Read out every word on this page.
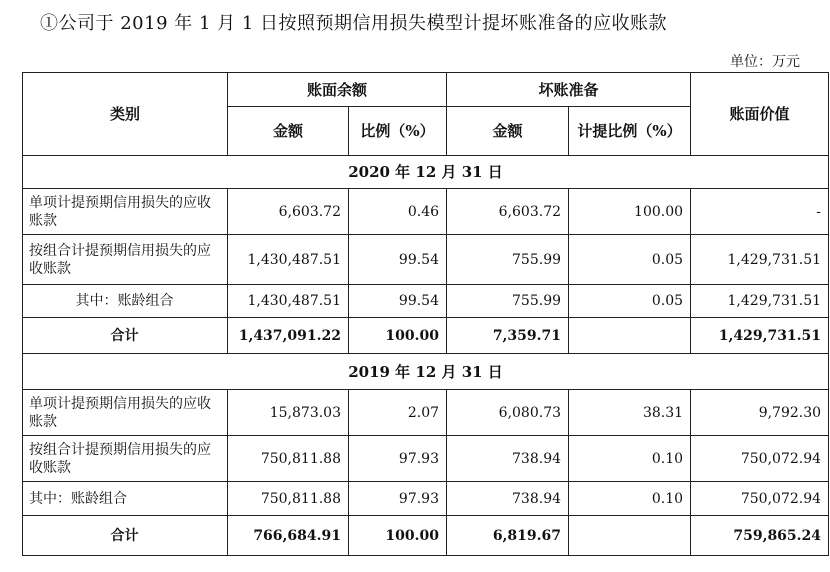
①公司于 2019 年 1 月 1 日按照预期信用损失模型计提坏账准备的应收账款
单位：万元
类别	账面余额		坏账准备		账面价值
	金额	比例（%）	金额	计提比例（%）	
2020 年 12 月 31 日					
单项计提预期信用损失的应收账款	6,603.72	0.46	6,603.72	100.00	-
按组合计提预期信用损失的应收账款	1,430,487.51	99.54	755.99	0.05	1,429,731.51
其中：账龄组合	1,430,487.51	99.54	755.99	0.05	1,429,731.51
合计	1,437,091.22	100.00	7,359.71		1,429,731.51
2019 年 12 月 31 日					
单项计提预期信用损失的应收账款	15,873.03	2.07	6,080.73	38.31	9,792.30
按组合计提预期信用损失的应收账款	750,811.88	97.93	738.94	0.10	750,072.94
其中：账龄组合	750,811.88	97.93	738.94	0.10	750,072.94
合计	766,684.91	100.00	6,819.67		759,865.24
